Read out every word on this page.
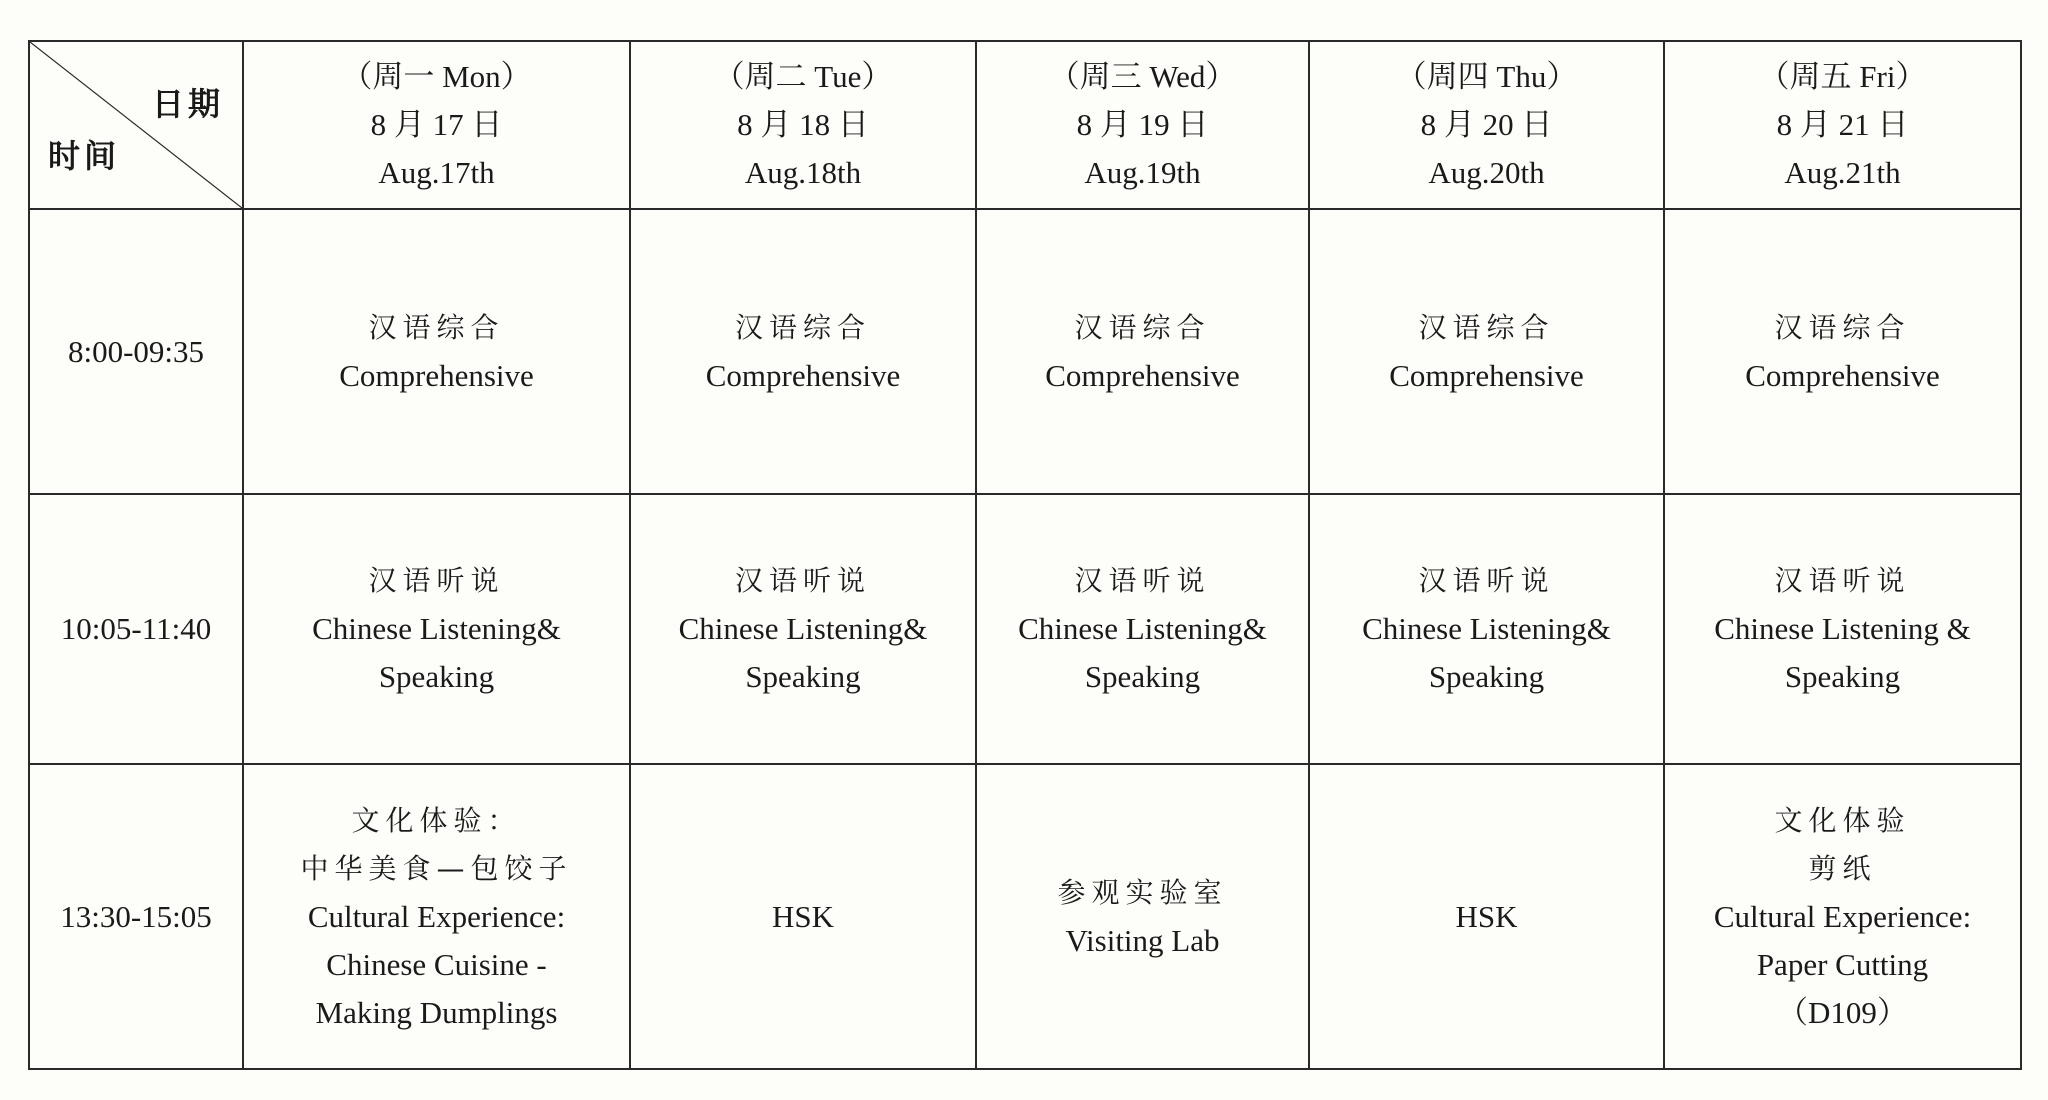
日期
时间	（周一 Mon）
8 月 17 日
Aug.17th	（周二 Tue）
8 月 18 日
Aug.18th	（周三 Wed）
8 月 19 日
Aug.19th	（周四 Thu）
8 月 20 日
Aug.20th	（周五 Fri）
8 月 21 日
Aug.21th

8:00-09:35	汉语综合
Comprehensive	汉语综合
Comprehensive	汉语综合
Comprehensive	汉语综合
Comprehensive	汉语综合
Comprehensive

10:05-11:40	汉语听说
Chinese Listening&
Speaking	汉语听说
Chinese Listening&
Speaking	汉语听说
Chinese Listening&
Speaking	汉语听说
Chinese Listening&
Speaking	汉语听说
Chinese Listening &
Speaking

13:30-15:05	文化体验：
中华美食—包饺子
Cultural Experience:
Chinese Cuisine -
Making Dumplings	HSK	参观实验室
Visiting Lab	HSK	文化体验
剪纸
Cultural Experience:
Paper Cutting
（D109）
